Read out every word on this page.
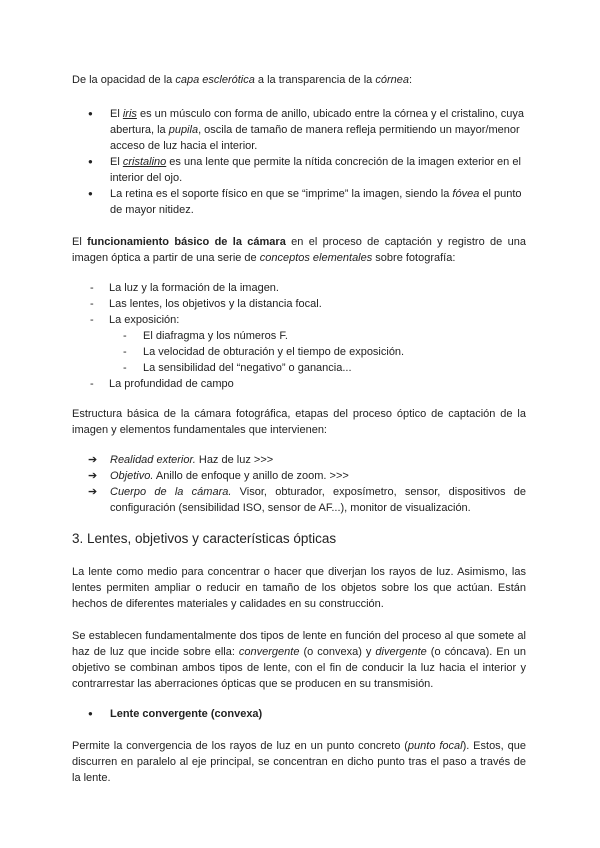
De la opacidad de la capa esclerótica a la transparencia de la córnea:

● El iris es un músculo con forma de anillo, ubicado entre la córnea y el cristalino, cuya abertura, la pupila, oscila de tamaño de manera refleja permitiendo un mayor/menor acceso de luz hacia el interior.
● El cristalino es una lente que permite la nítida concreción de la imagen exterior en el interior del ojo.
● La retina es el soporte físico en que se “imprime” la imagen, siendo la fóvea el punto de mayor nitidez.

El funcionamiento básico de la cámara en el proceso de captación y registro de una imagen óptica a partir de una serie de conceptos elementales sobre fotografía:

- La luz y la formación de la imagen.
- Las lentes, los objetivos y la distancia focal.
- La exposición:
- El diafragma y los números F.
- La velocidad de obturación y el tiempo de exposición.
- La sensibilidad del “negativo” o ganancia...
- La profundidad de campo

Estructura básica de la cámara fotográfica, etapas del proceso óptico de captación de la imagen y elementos fundamentales que intervienen:

➔ Realidad exterior. Haz de luz >>>
➔ Objetivo. Anillo de enfoque y anillo de zoom. >>>
➔ Cuerpo de la cámara. Visor, obturador, exposímetro, sensor, dispositivos de configuración (sensibilidad ISO, sensor de AF...), monitor de visualización.
3. Lentes, objetivos y características ópticas

La lente como medio para concentrar o hacer que diverjan los rayos de luz. Asimismo, las lentes permiten ampliar o reducir en tamaño de los objetos sobre los que actúan. Están hechos de diferentes materiales y calidades en su construcción.

Se establecen fundamentalmente dos tipos de lente en función del proceso al que somete al haz de luz que incide sobre ella: convergente (o convexa) y divergente (o cóncava). En un objetivo se combinan ambos tipos de lente, con el fin de conducir la luz hacia el interior y contrarrestar las aberraciones ópticas que se producen en su transmisión.

● Lente convergente (convexa)

Permite la convergencia de los rayos de luz en un punto concreto (punto focal). Estos, que discurren en paralelo al eje principal, se concentran en dicho punto tras el paso a través de la lente.
